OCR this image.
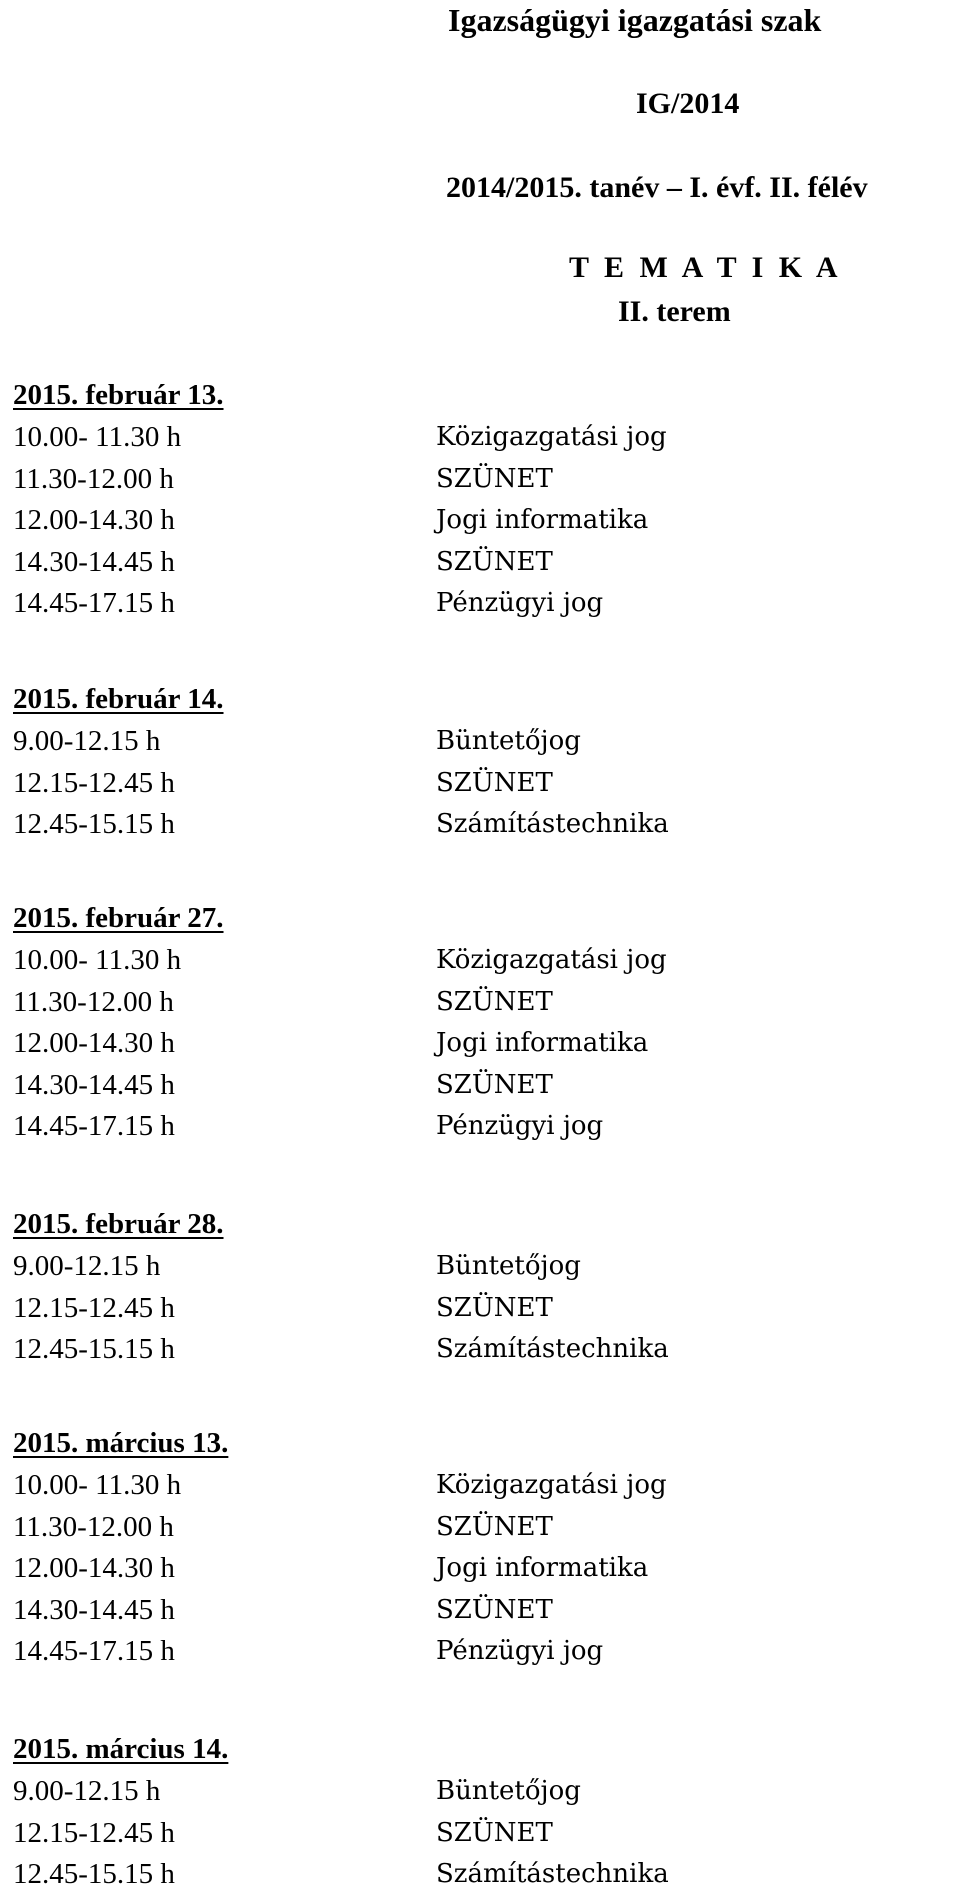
Igazságügyi igazgatási szak
IG/2014
2014/2015. tanév – I. évf. II. félév
T E M A T I K A
II. terem
2015. február 13.
10.00- 11.30 h	Közigazgatási jog
11.30-12.00 h	SZÜNET
12.00-14.30 h	Jogi informatika
14.30-14.45 h	SZÜNET
14.45-17.15 h	Pénzügyi jog
2015. február 14.
9.00-12.15 h	Büntetőjog
12.15-12.45 h	SZÜNET
12.45-15.15 h	Számítástechnika
2015. február 27.
10.00- 11.30 h	Közigazgatási jog
11.30-12.00 h	SZÜNET
12.00-14.30 h	Jogi informatika
14.30-14.45 h	SZÜNET
14.45-17.15 h	Pénzügyi jog
2015. február 28.
9.00-12.15 h	Büntetőjog
12.15-12.45 h	SZÜNET
12.45-15.15 h	Számítástechnika
2015. március 13.
10.00- 11.30 h	Közigazgatási jog
11.30-12.00 h	SZÜNET
12.00-14.30 h	Jogi informatika
14.30-14.45 h	SZÜNET
14.45-17.15 h	Pénzügyi jog
2015. március 14.
9.00-12.15 h	Büntetőjog
12.15-12.45 h	SZÜNET
12.45-15.15 h	Számítástechnika
